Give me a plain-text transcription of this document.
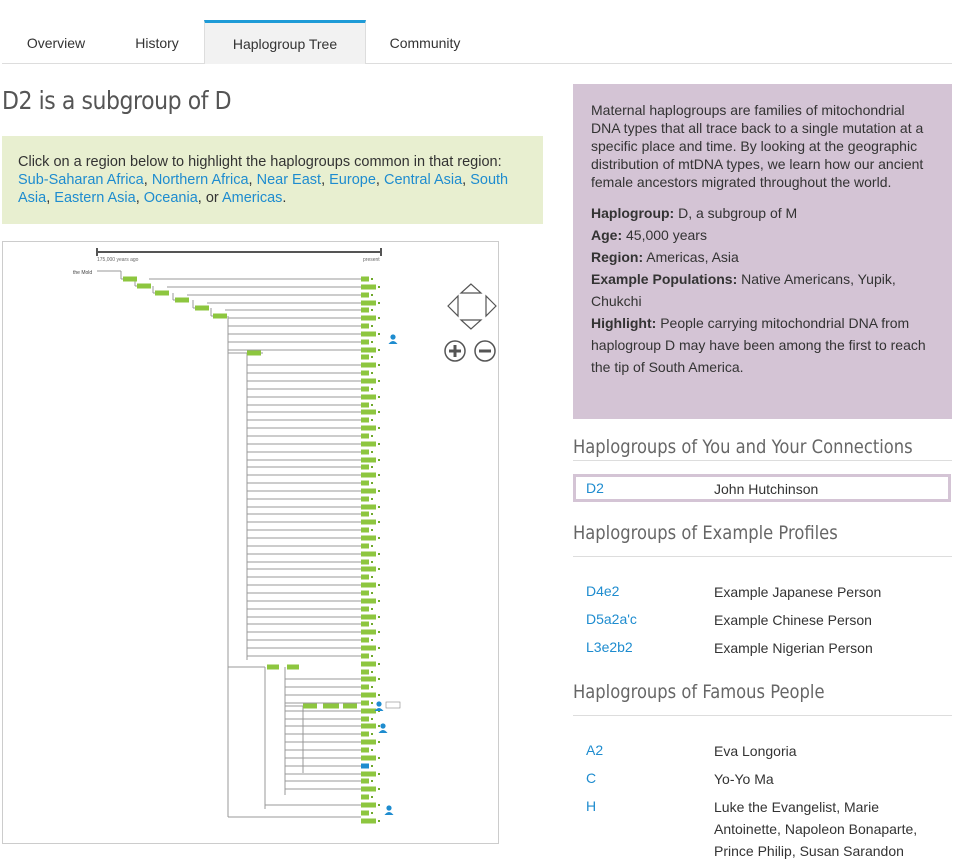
Overview	History	Haplogroup Tree	Community
D2 is a subgroup of D
Click on a region below to highlight the haplogroups common in that region:
Sub-Saharan Africa, Northern Africa, Near East, Europe, Central Asia, South Asia, Eastern Asia, Oceania, or Americas.
175,000 years ago	present
the Mold

Maternal haplogroups are families of mitochondrial DNA types that all trace back to a single mutation at a specific place and time. By looking at the geographic distribution of mtDNA types, we learn how our ancient female ancestors migrated throughout the world.

Haplogroup: D, a subgroup of M
Age: 45,000 years
Region: Americas, Asia
Example Populations: Native Americans, Yupik, Chukchi
Highlight: People carrying mitochondrial DNA from haplogroup D may have been among the first to reach the tip of South America.
Haplogroups of You and Your Connections
D2	John Hutchinson
Haplogroups of Example Profiles
D4e2	Example Japanese Person
D5a2a'c	Example Chinese Person
L3e2b2	Example Nigerian Person
Haplogroups of Famous People
A2	Eva Longoria
C	Yo-Yo Ma
H	Luke the Evangelist, Marie Antoinette, Napoleon Bonaparte, Prince Philip, Susan Sarandon
